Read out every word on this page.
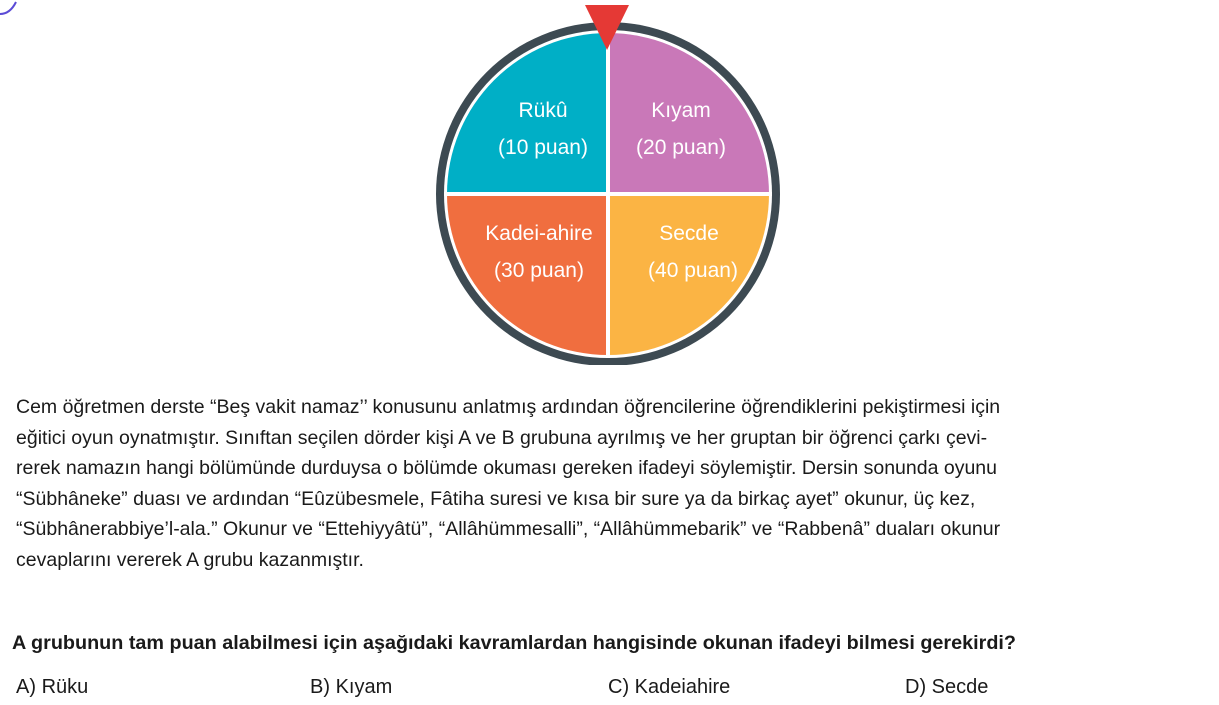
Rükû
(10 puan)
Kıyam
(20 puan)
Kadei-ahire
(30 puan)
Secde
(40 puan)
Cem öğretmen derste “Beş vakit namaz’’ konusunu anlatmış ardından öğrencilerine öğrendiklerini pekiştirmesi için
eğitici oyun oynatmıştır. Sınıftan seçilen dörder kişi A ve B grubuna ayrılmış ve her gruptan bir öğrenci çarkı çevi-
rerek namazın hangi bölümünde durduysa o bölümde okuması gereken ifadeyi söylemiştir. Dersin sonunda oyunu
“Sübhâneke” duası ve ardından “Eûzübesmele, Fâtiha suresi ve kısa bir sure ya da birkaç ayet” okunur, üç kez,
“Sübhânerabbiye’l-ala.” Okunur ve “Ettehiyyâtü”, “Allâhümmesalli”, “Allâhümmebarik” ve “Rabbenâ” duaları okunur
cevaplarını vererek A grubu kazanmıştır.
A grubunun tam puan alabilmesi için aşağıdaki kavramlardan hangisinde okunan ifadeyi bilmesi gerekirdi?
A) Rüku	B) Kıyam	C) Kadeiahire	D) Secde
